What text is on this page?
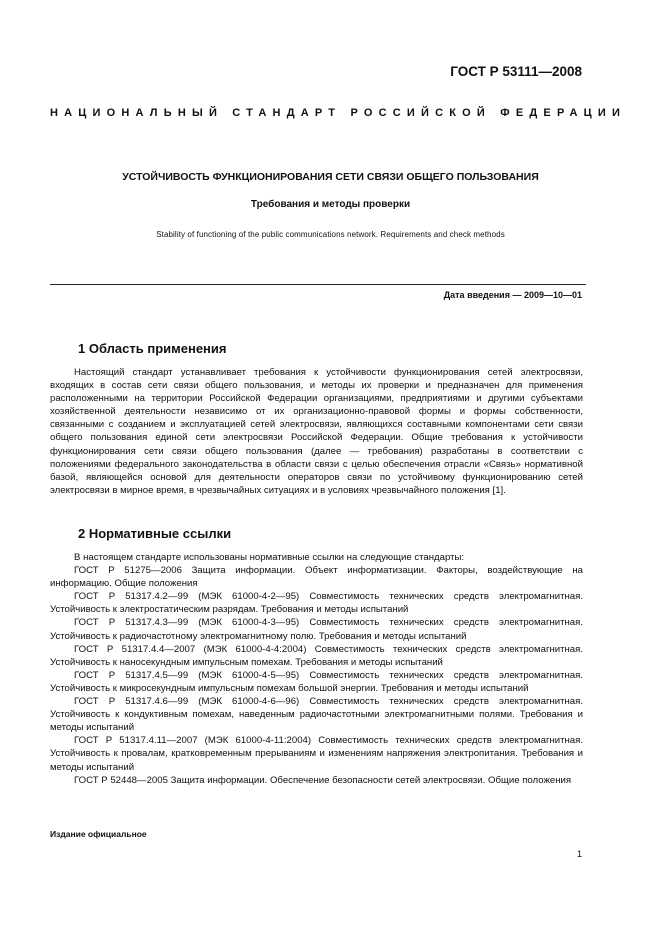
ГОСТ Р 53111—2008
НАЦИОНАЛЬНЫЙ СТАНДАРТ РОССИЙСКОЙ ФЕДЕРАЦИИ
УСТОЙЧИВОСТЬ ФУНКЦИОНИРОВАНИЯ СЕТИ СВЯЗИ ОБЩЕГО ПОЛЬЗОВАНИЯ
Требования и методы проверки
Stability of functioning of the public communications network. Requirements and check methods
Дата введения — 2009—10—01
1 Область применения

Настоящий стандарт устанавливает требования к устойчивости функционирования сетей электросвязи, входящих в состав сети связи общего пользования, и методы их проверки и предназначен для применения расположенными на территории Российской Федерации организациями, предприятиями и другими субъектами хозяйственной деятельности независимо от их организационно-правовой формы и формы собственности, связанными с созданием и эксплуатацией сетей электросвязи, являющихся составными компонентами сети связи общего пользования единой сети электросвязи Российской Федерации. Общие требования к устойчивости функционирования сети связи общего пользования (далее — требования) разработаны в соответствии с положениями федерального законодательства в области связи с целью обеспечения отрасли «Связь» нормативной базой, являющейся основой для деятельности операторов связи по устойчивому функционированию сетей электросвязи в мирное время, в чрезвычайных ситуациях и в условиях чрезвычайного положения [1].

2 Нормативные ссылки

В настоящем стандарте использованы нормативные ссылки на следующие стандарты:

ГОСТ Р 51275—2006 Защита информации. Объект информатизации. Факторы, воздействующие на информацию. Общие положения

ГОСТ Р 51317.4.2—99 (МЭК 61000-4-2—95) Совместимость технических средств электромагнитная. Устойчивость к электростатическим разрядам. Требования и методы испытаний

ГОСТ Р 51317.4.3—99 (МЭК 61000-4-3—95) Совместимость технических средств электромагнитная. Устойчивость к радиочастотному электромагнитному полю. Требования и методы испытаний

ГОСТ Р 51317.4.4—2007 (МЭК 61000-4-4:2004) Совместимость технических средств электромагнитная. Устойчивость к наносекундным импульсным помехам. Требования и методы испытаний

ГОСТ Р 51317.4.5—99 (МЭК 61000-4-5—95) Совместимость технических средств электромагнитная. Устойчивость к микросекундным импульсным помехам большой энергии. Требования и методы испытаний

ГОСТ Р 51317.4.6—99 (МЭК 61000-4-6—96) Совместимость технических средств электромагнитная. Устойчивость к кондуктивным помехам, наведенным радиочастотными электромагнитными полями. Требования и методы испытаний

ГОСТ Р 51317.4.11—2007 (МЭК 61000-4-11:2004) Совместимость технических средств электромагнитная. Устойчивость к провалам, кратковременным прерываниям и изменениям напряжения электропитания. Требования и методы испытаний

ГОСТ Р 52448—2005 Защита информации. Обеспечение безопасности сетей электросвязи. Общие положения

Издание официальное
1
